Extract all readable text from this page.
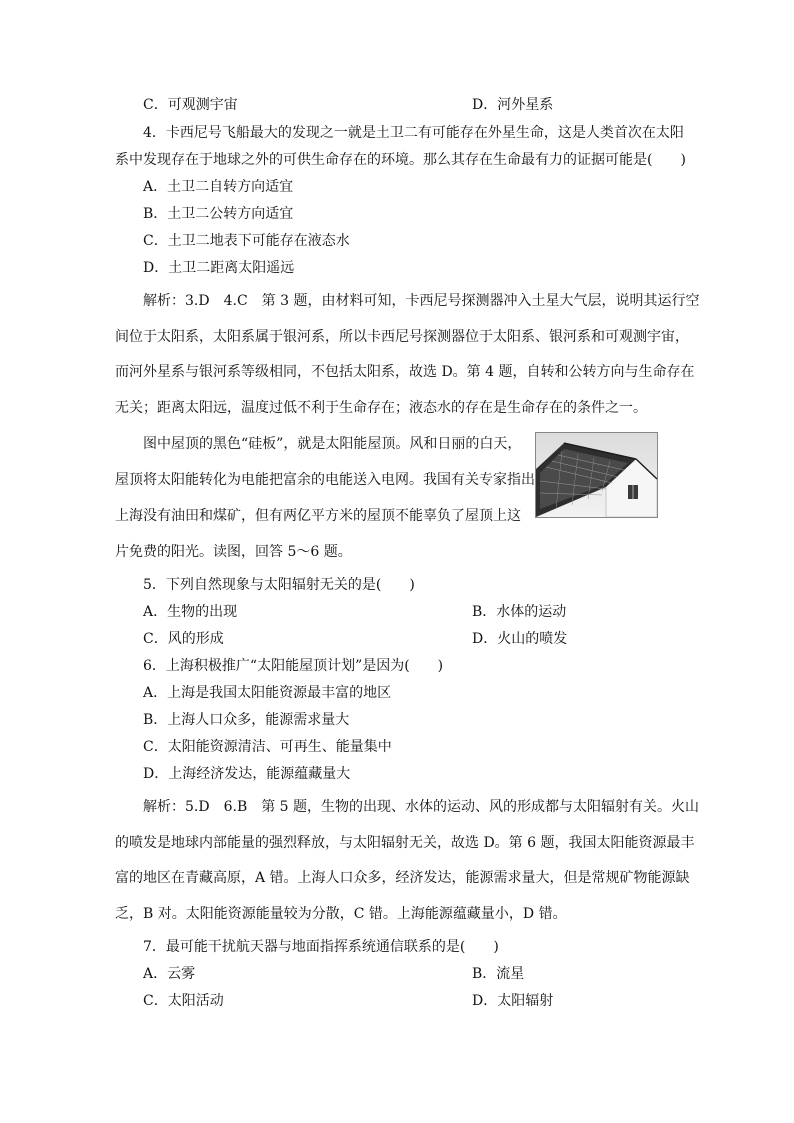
C．可观测宇宙	D．河外星系
4．卡西尼号飞船最大的发现之一就是土卫二有可能存在外星生命，这是人类首次在太阳
系中发现存在于地球之外的可供生命存在的环境。那么其存在生命最有力的证据可能是(　　)
A．土卫二自转方向适宜
B．土卫二公转方向适宜
C．土卫二地表下可能存在液态水
D．土卫二距离太阳遥远
解析：3.D　4.C　第 3 题，由材料可知，卡西尼号探测器冲入土星大气层，说明其运行空
间位于太阳系，太阳系属于银河系，所以卡西尼号探测器位于太阳系、银河系和可观测宇宙，
而河外星系与银河系等级相同，不包括太阳系，故选 D。第 4 题，自转和公转方向与生命存在
无关；距离太阳远，温度过低不利于生命存在；液态水的存在是生命存在的条件之一。
图中屋顶的黑色“硅板”，就是太阳能屋顶。风和日丽的白天，
屋顶将太阳能转化为电能把富余的电能送入电网。我国有关专家指出
上海没有油田和煤矿，但有两亿平方米的屋顶不能辜负了屋顶上这
片免费的阳光。读图，回答 5～6 题。
5．下列自然现象与太阳辐射无关的是(　　)
A．生物的出现	B．水体的运动
C．风的形成	D．火山的喷发
6．上海积极推广“太阳能屋顶计划”是因为(　　)
A．上海是我国太阳能资源最丰富的地区
B．上海人口众多，能源需求量大
C．太阳能资源清洁、可再生、能量集中
D．上海经济发达，能源蕴藏量大
解析：5.D　6.B　第 5 题，生物的出现、水体的运动、风的形成都与太阳辐射有关。火山
的喷发是地球内部能量的强烈释放，与太阳辐射无关，故选 D。第 6 题，我国太阳能资源最丰
富的地区在青藏高原，A 错。上海人口众多，经济发达，能源需求量大，但是常规矿物能源缺
乏，B 对。太阳能资源能量较为分散，C 错。上海能源蕴藏量小，D 错。
7．最可能干扰航天器与地面指挥系统通信联系的是(　　)
A．云雾	B．流星
C．太阳活动	D．太阳辐射
